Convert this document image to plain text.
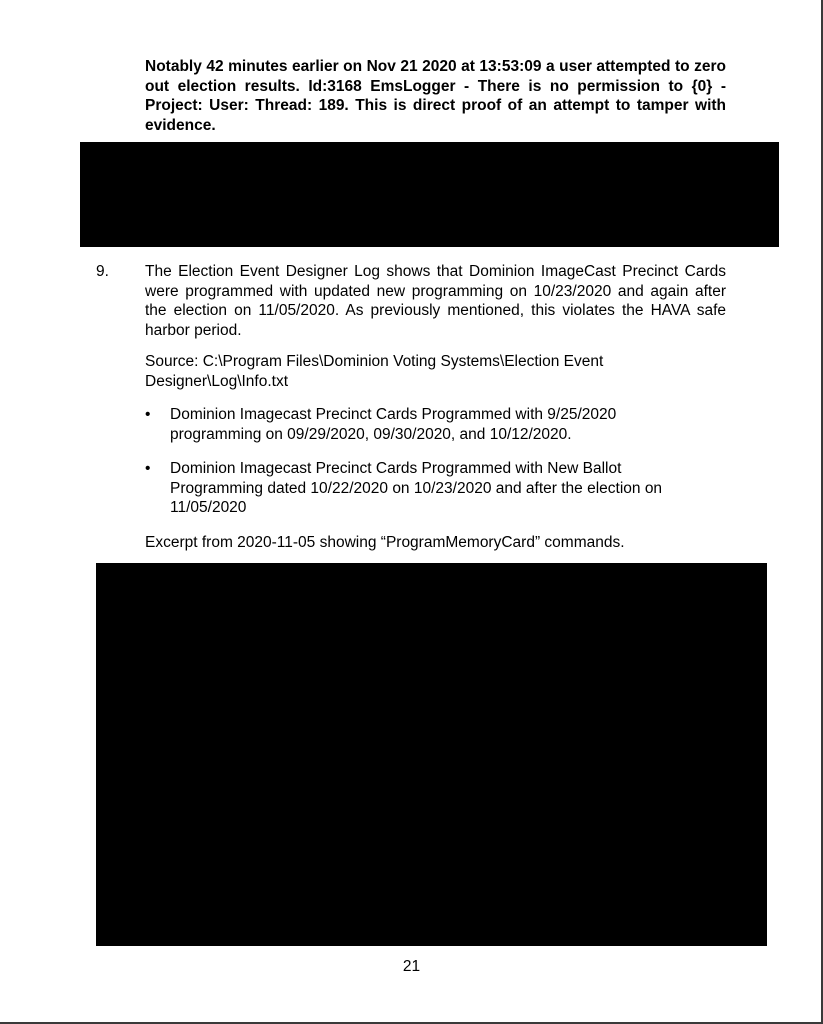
Notably 42 minutes earlier on Nov 21 2020 at 13:53:09 a user attempted to zero out election results. Id:3168 EmsLogger - There is no permission to {0} - Project: User: Thread: 189. This is direct proof of an attempt to tamper with evidence.
9. The Election Event Designer Log shows that Dominion ImageCast Precinct Cards were programmed with updated new programming on 10/23/2020 and again after the election on 11/05/2020. As previously mentioned, this violates the HAVA safe harbor period.
Source: C:\Program Files\Dominion Voting Systems\Election Event
Designer\Log\Info.txt
• Dominion Imagecast Precinct Cards Programmed with 9/25/2020 programming on 09/29/2020, 09/30/2020, and 10/12/2020.
• Dominion Imagecast Precinct Cards Programmed with New Ballot Programming dated 10/22/2020 on 10/23/2020 and after the election on 11/05/2020
Excerpt from 2020-11-05 showing “ProgramMemoryCard” commands.
21
